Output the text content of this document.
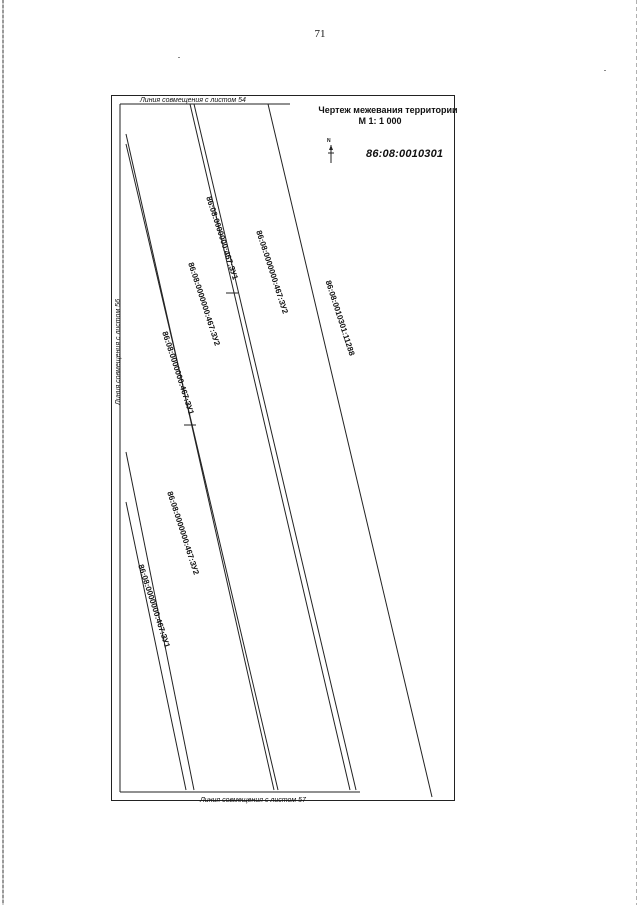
71
Чертеж межевания территории
М 1: 1 000
86:08:0010301
N
Линия совмещения с листом 54
Линия совмещения с листом 57
Линия совмещения с листом 56
86:08:0000000:467:ЗУ1 86:08:0000000:467:ЗУ2
86:08:0010301:11288
86:08:0000000:467:ЗУ2
86:08:0000000:467:ЗУ1
86:08:0000000:467:ЗУ2
86:08:0000000:467:ЗУ1
